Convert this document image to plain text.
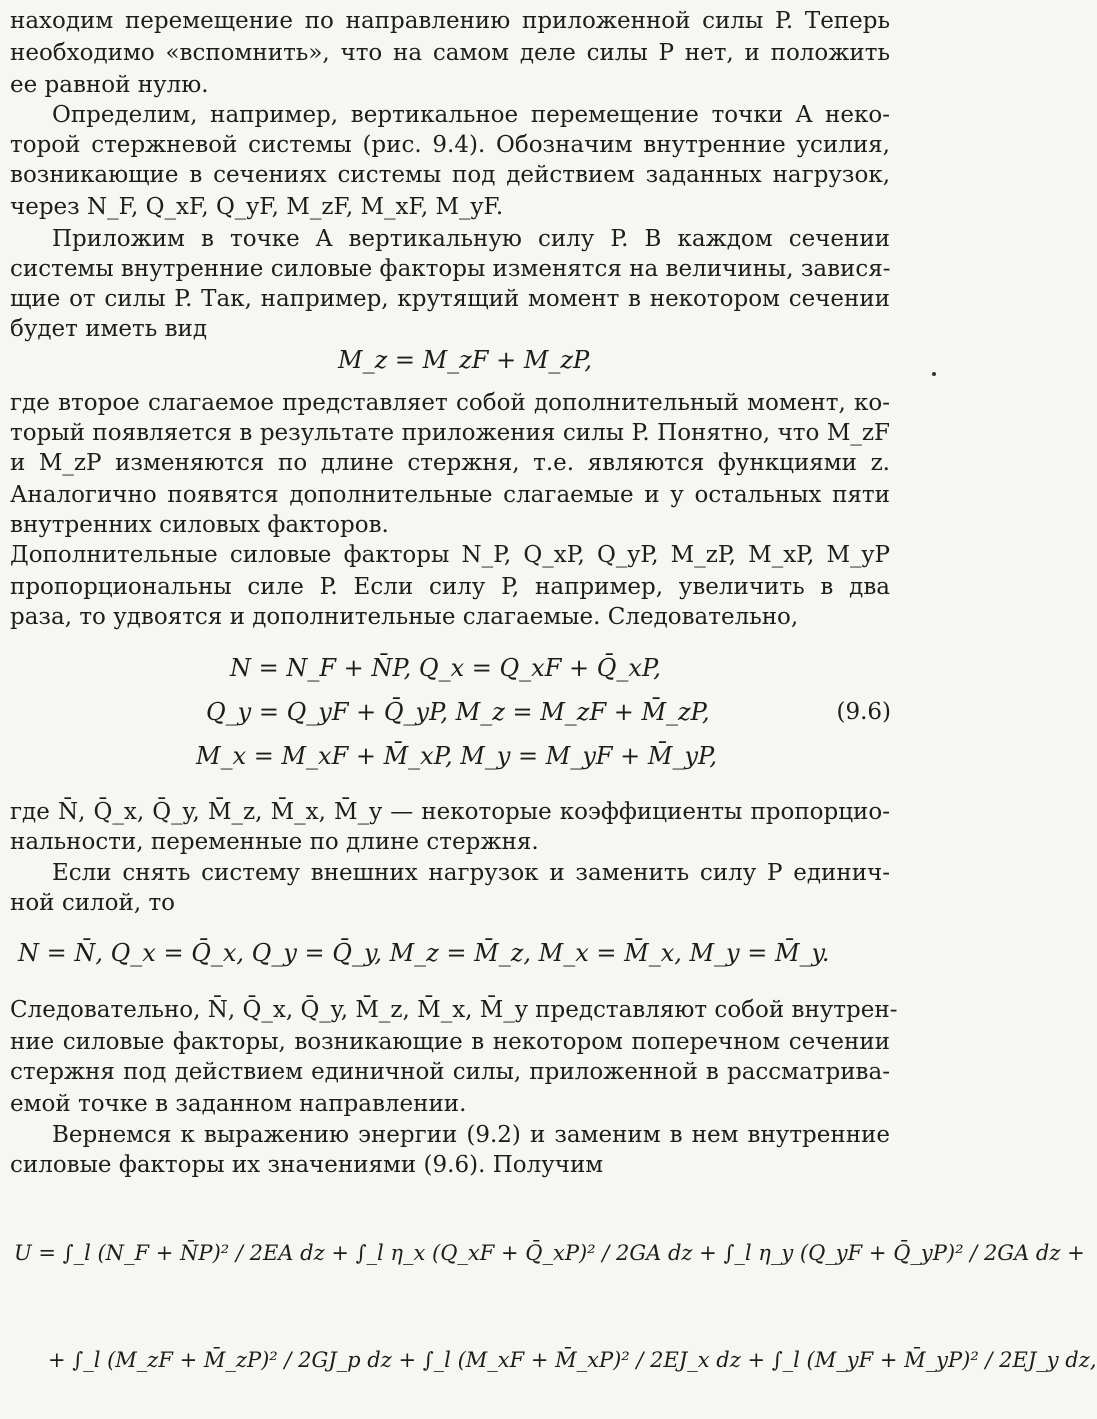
находим перемещение по направлению приложенной силы P. Теперь
необходимо «вспомнить», что на самом деле силы P нет, и положить
ее равной нулю.
Определим, например, вертикальное перемещение точки A неко-
торой стержневой системы (рис. 9.4). Обозначим внутренние усилия,
возникающие в сечениях системы под действием заданных нагрузок,
через N_F, Q_xF, Q_yF, M_zF, M_xF, M_yF.
Приложим в точке A вертикальную силу P. В каждом сечении
системы внутренние силовые факторы изменятся на величины, завися-
щие от силы P. Так, например, крутящий момент в некотором сечении
будет иметь вид
M_z = M_zF + M_zP,
где второе слагаемое представляет собой дополнительный момент, ко-
торый появляется в результате приложения силы P. Понятно, что M_zF
и M_zP изменяются по длине стержня, т.е. являются функциями z.
Аналогично появятся дополнительные слагаемые и у остальных пяти
внутренних силовых факторов.
Дополнительные силовые факторы N_P, Q_xP, Q_yP, M_zP, M_xP, M_yP
пропорциональны силе P. Если силу P, например, увеличить в два
раза, то удвоятся и дополнительные слагаемые. Следовательно,
N = N_F + N̄P, Q_x = Q_xF + Q̄_xP,
Q_y = Q_yF + Q̄_yP, M_z = M_zF + M̄_zP,	(9.6)
M_x = M_xF + M̄_xP, M_y = M_yF + M̄_yP,
где N̄, Q̄_x, Q̄_y, M̄_z, M̄_x, M̄_y — некоторые коэффициенты пропорцио-
нальности, переменные по длине стержня.
Если снять систему внешних нагрузок и заменить силу P единич-
ной силой, то
N = N̄, Q_x = Q̄_x, Q_y = Q̄_y, M_z = M̄_z, M_x = M̄_x, M_y = M̄_y.
Следовательно, N̄, Q̄_x, Q̄_y, M̄_z, M̄_x, M̄_y представляют собой внутрен-
ние силовые факторы, возникающие в некотором поперечном сечении
стержня под действием единичной силы, приложенной в рассматрива-
емой точке в заданном направлении.
Вернемся к выражению энергии (9.2) и заменим в нем внутренние
силовые факторы их значениями (9.6). Получим
U = ∫_l (N_F + N̄P)² / 2EA dz + ∫_l η_x (Q_xF + Q̄_xP)² / 2GA dz + ∫_l η_y (Q_yF + Q̄_yP)² / 2GA dz +
+ ∫_l (M_zF + M̄_zP)² / 2GJ_p dz + ∫_l (M_xF + M̄_xP)² / 2EJ_x dz + ∫_l (M_yF + M̄_yP)² / 2EJ_y dz,
